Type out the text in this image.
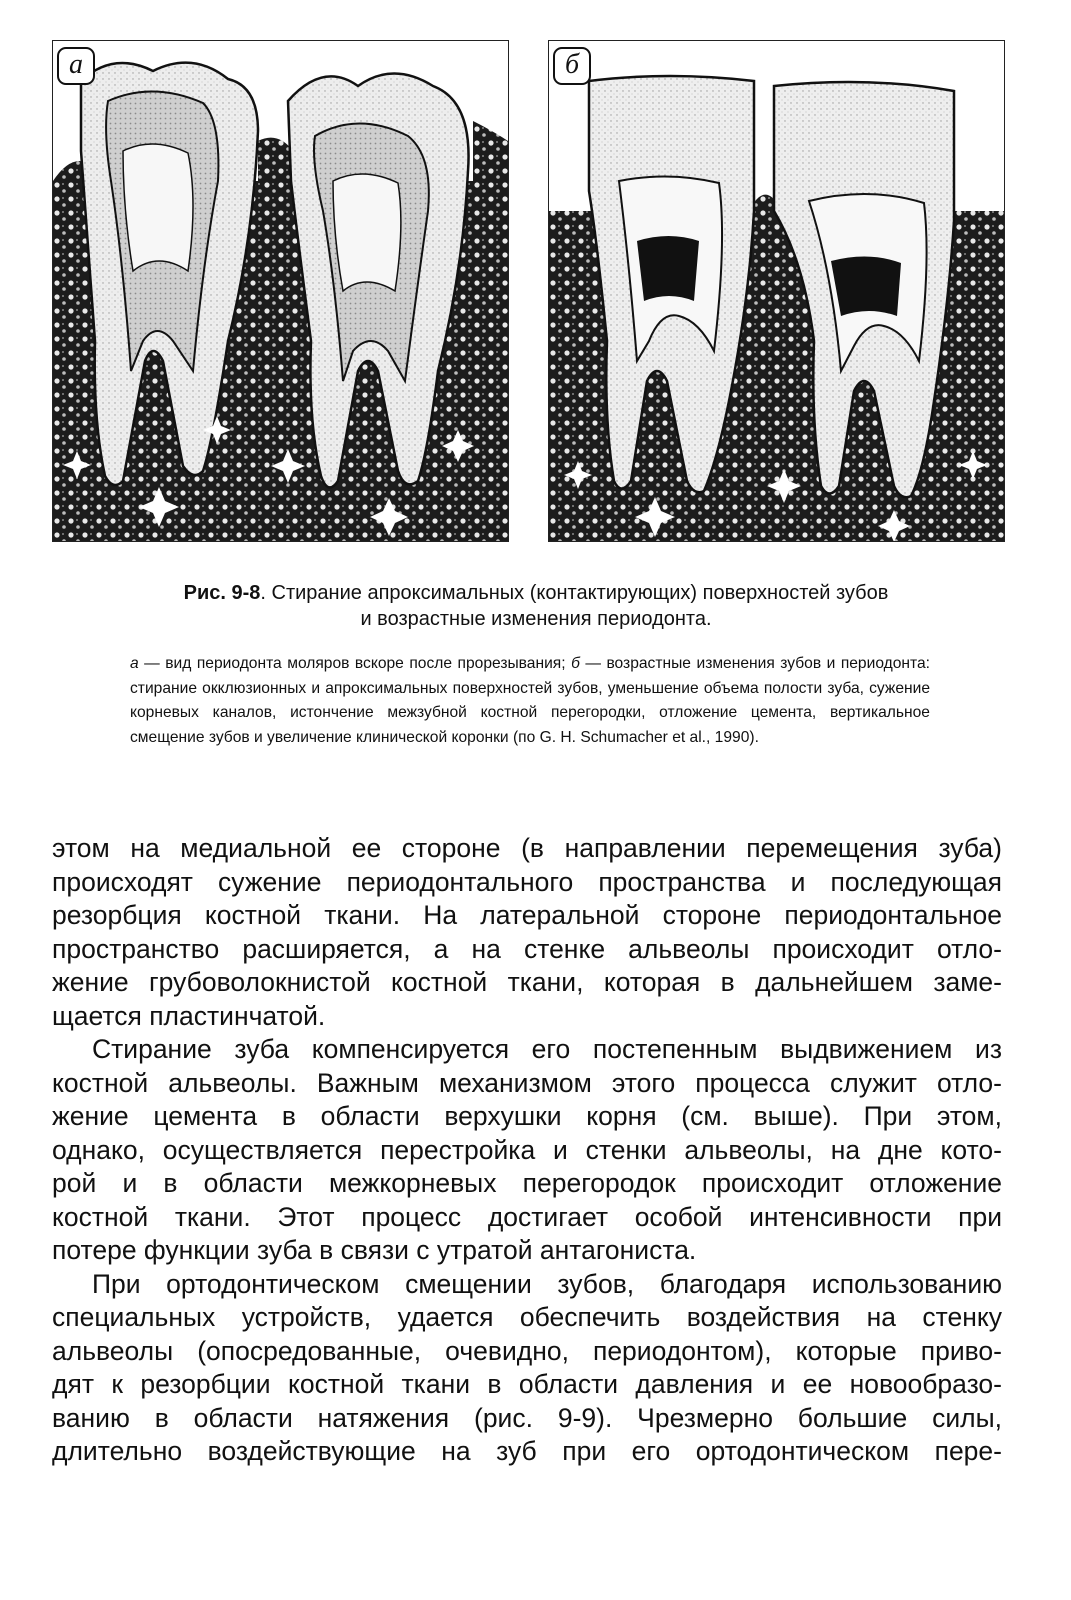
а	б
Рис. 9-8. Стирание апроксимальных (контактирующих) поверхностей зубов
и возрастные изменения периодонта.
а — вид периодонта моляров вскоре после прорезывания; б — возрастные изменения зубов и периодонта: стирание окклюзионных и апроксимальных поверхностей зубов, уменьшение объема полости зуба, сужение корневых каналов, истончение межзубной костной перегородки, отложение цемента, вертикальное смещение зубов и увеличение клинической коронки (по G. H. Schumacher et al., 1990).
этом на медиальной ее стороне (в направлении перемещения зуба)
происходят сужение периодонтального пространства и последующая
резорбция костной ткани. На латеральной стороне периодонтальное
пространство расширяется, а на стенке альвеолы происходит отло-
жение грубоволокнистой костной ткани, которая в дальнейшем заме-
щается пластинчатой.
Стирание зуба компенсируется его постепенным выдвижением из
костной альвеолы. Важным механизмом этого процесса служит отло-
жение цемента в области верхушки корня (см. выше). При этом,
однако, осуществляется перестройка и стенки альвеолы, на дне кото-
рой и в области межкорневых перегородок происходит отложение
костной ткани. Этот процесс достигает особой интенсивности при
потере функции зуба в связи с утратой антагониста.
При ортодонтическом смещении зубов, благодаря использованию
специальных устройств, удается обеспечить воздействия на стенку
альвеолы (опосредованные, очевидно, периодонтом), которые приво-
дят к резорбции костной ткани в области давления и ее новообразо-
ванию в области натяжения (рис. 9-9). Чрезмерно большие силы,
длительно воздействующие на зуб при его ортодонтическом пере-
